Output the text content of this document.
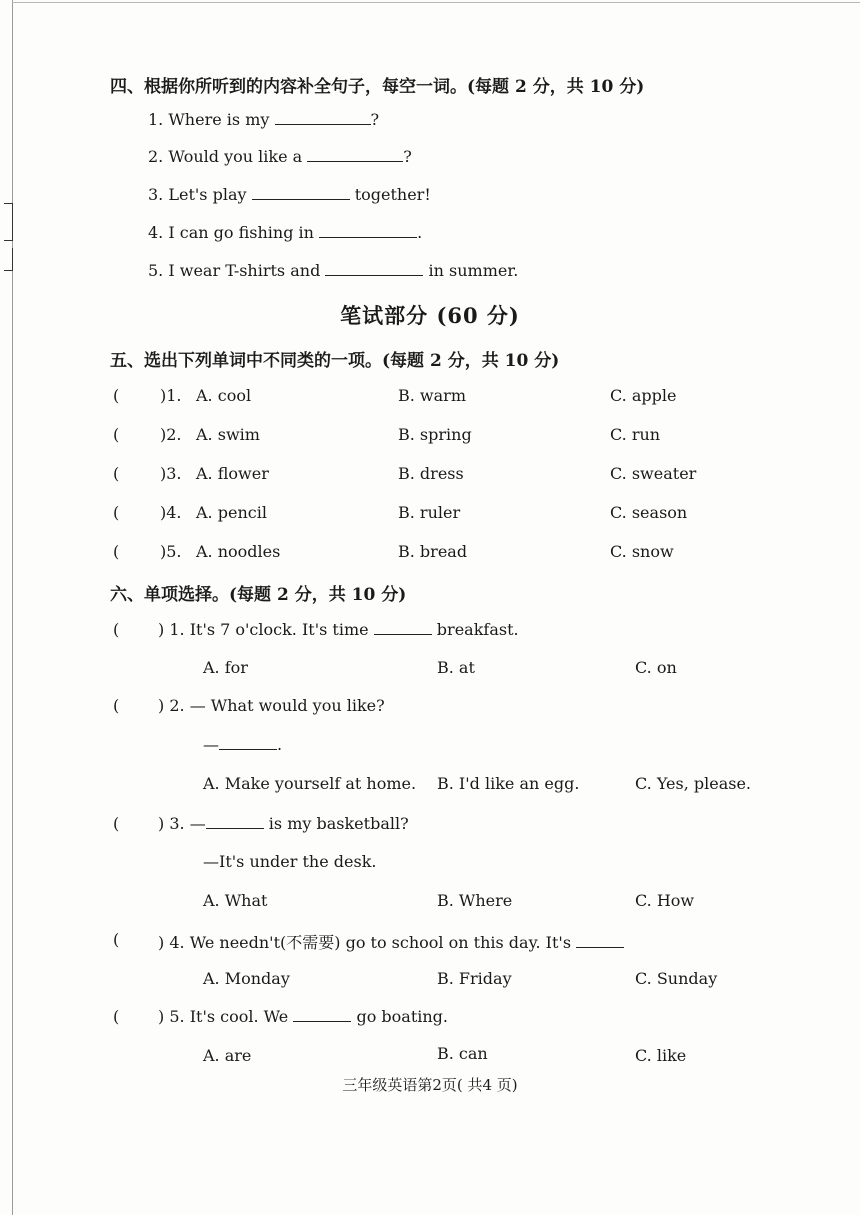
四、根据你所听到的内容补全句子，每空一词。(每题 2 分，共 10 分)
1. Where is my	?
2. Would you like a	?
3. Let's play	together!
4. I can go fishing in	.
5. I wear T-shirts and	in summer.
笔试部分 (60 分)
五、选出下列单词中不同类的一项。(每题 2 分，共 10 分)
(	)1. A. cool	B. warm	C. apple
(	)2. A. swim	B. spring	C. run
(	)3. A. flower	B. dress	C. sweater
(	)4. A. pencil	B. ruler	C. season
(	)5. A. noodles	B. bread	C. snow
六、单项选择。(每题 2 分，共 10 分)
( ) 1. It's 7 o'clock. It's time	breakfast.
A. for	B. at	C. on
( ) 2. — What would you like?
—	.
A. Make yourself at home. B. I'd like an egg.	C. Yes, please.
( ) 3. —	is my basketball?
—It's under the desk.
A. What	B. Where	C. How
( ) 4. We needn't(不需要) go to school on this day. It's
A. Monday	B. Friday	C. Sunday
( ) 5. It's cool. We	go boating.
A. are	B. can	C. like
三年级英语第2页( 共4 页)
